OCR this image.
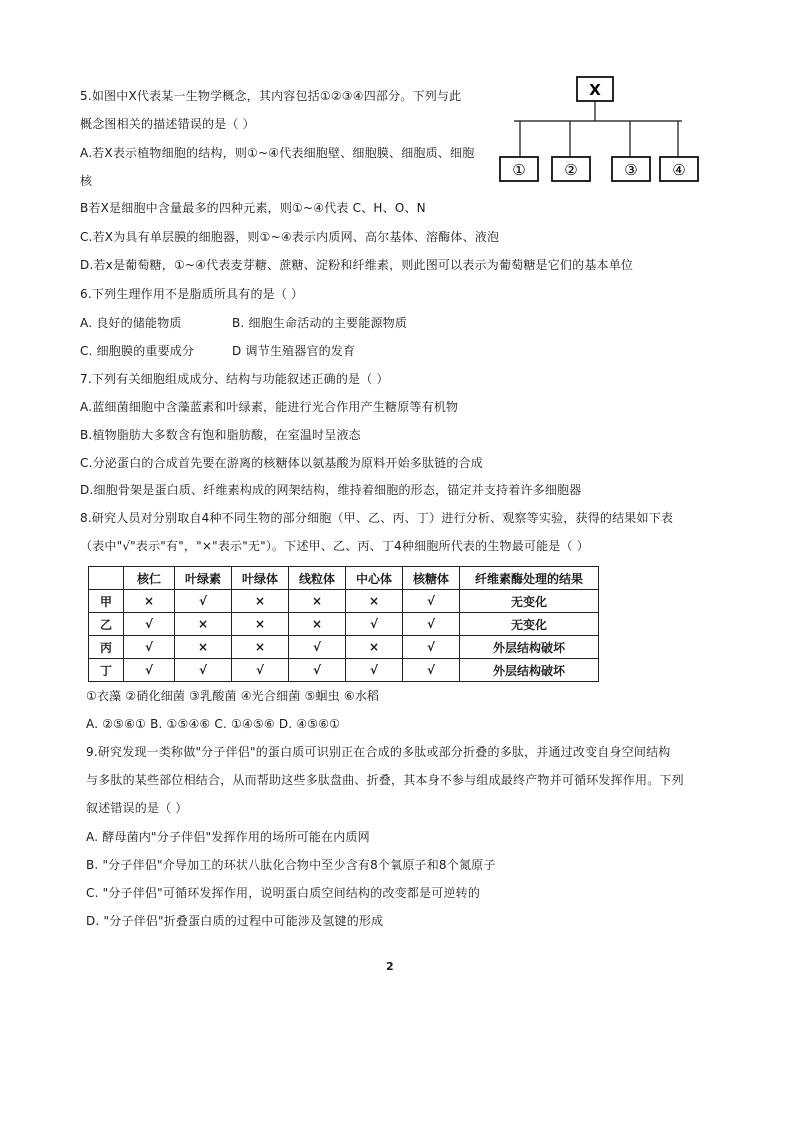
5.如图中X代表某一生物学概念，其内容包括①②③④四部分。下列与此
概念图相关的描述错误的是（ ）
A.若X表示植物细胞的结构，则①~④代表细胞壁、细胞膜、细胞质、细胞
核
B若X是细胞中含量最多的四种元素，则①~④代表 C、H、O、N
C.若X为具有单层膜的细胞器，则①~④表示内质网、高尔基体、溶酶体、液泡
D.若x是葡萄糖，①~④代表麦芽糖、蔗糖、淀粉和纤维素，则此图可以表示为葡萄糖是它们的基本单位
X
①	②	③ ④
6.下列生理作用不是脂质所具有的是（ ）
A. 良好的储能物质	B. 细胞生命活动的主要能源物质
C. 细胞膜的重要成分	D 调节生殖器官的发育
7.下列有关细胞组成成分、结构与功能叙述正确的是（ ）
A.蓝细菌细胞中含藻蓝素和叶绿素，能进行光合作用产生糖原等有机物
B.植物脂肪大多数含有饱和脂肪酸，在室温时呈液态
C.分泌蛋白的合成首先要在游离的核糖体以氨基酸为原料开始多肽链的合成
D.细胞骨架是蛋白质、纤维素构成的网架结构，维持着细胞的形态，锚定并支持着许多细胞器
8.研究人员对分别取自4种不同生物的部分细胞（甲、乙、丙、丁）进行分析、观察等实验，获得的结果如下表
（表中"√"表示"有"，"×"表示"无"）。下述甲、乙、丙、丁4种细胞所代表的生物最可能是（ ）
	核仁	叶绿素	叶绿体	线粒体	中心体	核糖体	纤维素酶处理的结果
甲	×	√	×	×	×	√	无变化
乙	√	×	×	×	√	√	无变化
丙	√	×	×	√	×	√	外层结构破坏
丁	√	√	√	√	√	√	外层结构破坏
①衣藻 ②硝化细菌 ③乳酸菌 ④光合细菌 ⑤蛔虫 ⑥水稻
A. ②⑤⑥① B. ①⑤④⑥ C. ①④⑤⑥ D. ④⑤⑥①
9.研究发现一类称做"分子伴侣"的蛋白质可识别正在合成的多肽或部分折叠的多肽，并通过改变自身空间结构
与多肽的某些部位相结合，从而帮助这些多肽盘曲、折叠，其本身不参与组成最终产物并可循环发挥作用。下列
叙述错误的是（ ）
A. 酵母菌内"分子伴侣"发挥作用的场所可能在内质网
B. "分子伴侣"介导加工的环状八肽化合物中至少含有8个氧原子和8个氮原子
C. "分子伴侣"可循环发挥作用，说明蛋白质空间结构的改变都是可逆转的
D. "分子伴侣"折叠蛋白质的过程中可能涉及氢键的形成
2
